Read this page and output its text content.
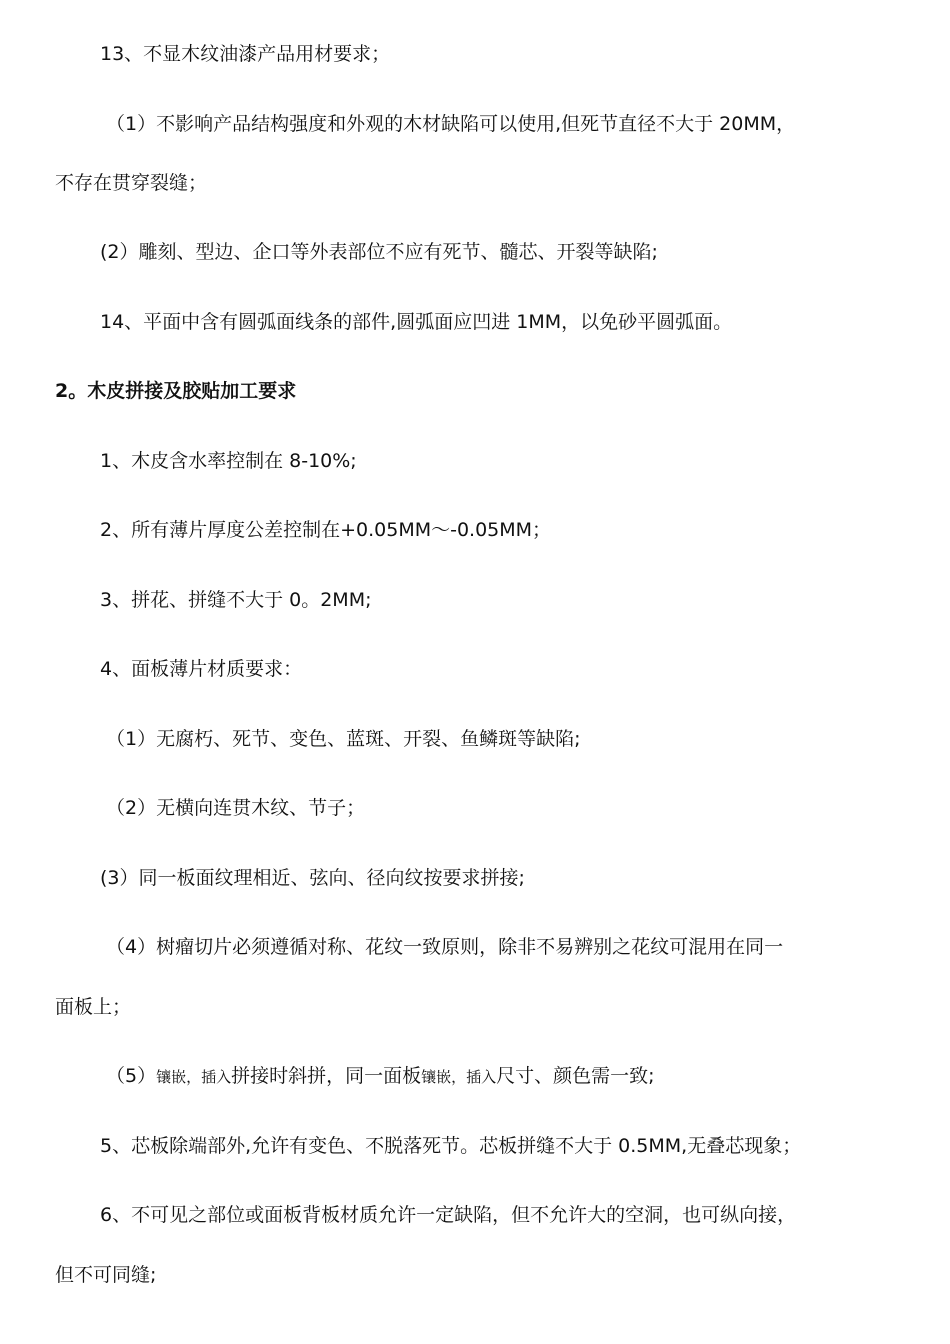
13、不显木纹油漆产品用材要求；
（1）不影响产品结构强度和外观的木材缺陷可以使用,但死节直径不大于 20MM，
不存在贯穿裂缝；
(2）雕刻、型边、企口等外表部位不应有死节、髓芯、开裂等缺陷;
14、平面中含有圆弧面线条的部件,圆弧面应凹进 1MM，以免砂平圆弧面。
2。木皮拼接及胶贴加工要求
1、木皮含水率控制在 8-10%;
2、所有薄片厚度公差控制在+0.05MM～-0.05MM；
3、拼花、拼缝不大于 0。2MM;
4、面板薄片材质要求：
（1）无腐朽、死节、变色、蓝斑、开裂、鱼鳞斑等缺陷;
（2）无横向连贯木纹、节子；
(3）同一板面纹理相近、弦向、径向纹按要求拼接;
（4）树瘤切片必须遵循对称、花纹一致原则，除非不易辨别之花纹可混用在同一
面板上；
（5）镶嵌，插入拼接时斜拼，同一面板镶嵌，插入尺寸、颜色需一致;
5、芯板除端部外,允许有变色、不脱落死节。芯板拼缝不大于 0.5MM,无叠芯现象；
6、不可见之部位或面板背板材质允许一定缺陷，但不允许大的空洞，也可纵向接，
但不可同缝;
